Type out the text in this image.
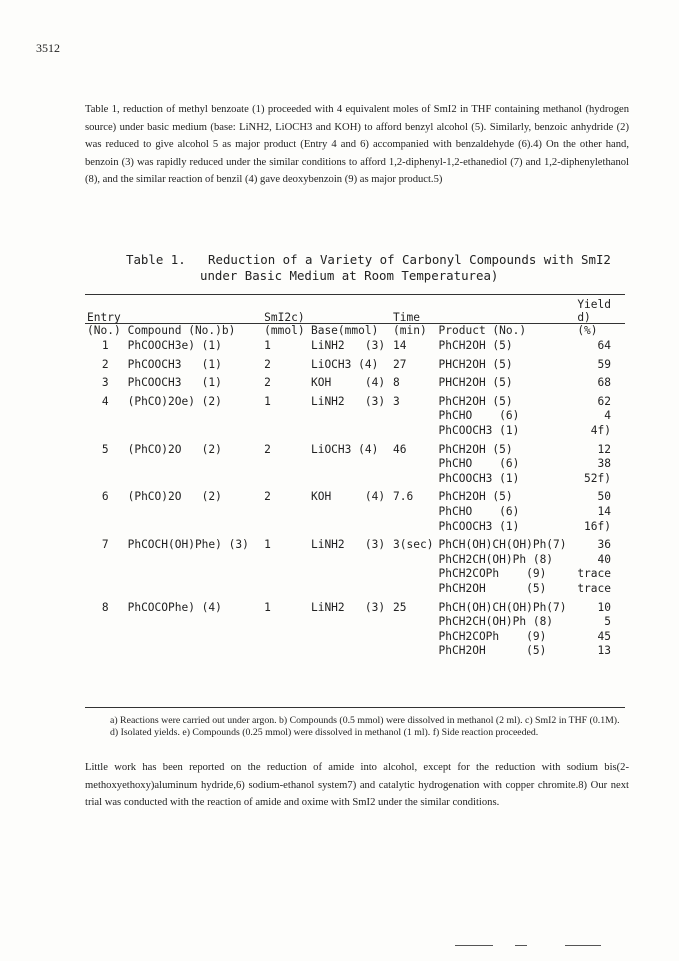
3512

Table 1, reduction of methyl benzoate (1) proceeded with 4 equivalent moles of SmI2 in THF containing methanol (hydrogen source) under basic medium (base: LiNH2, LiOCH3 and KOH) to afford benzyl alcohol (5). Similarly, benzoic anhydride (2) was reduced to give alcohol 5 as major product (Entry 4 and 6) accompanied with benzaldehyde (6).4) On the other hand, benzoin (3) was rapidly reduced under the similar conditions to afford 1,2-diphenyl-1,2-ethanediol (7) and 1,2-diphenylethanol (8), and the similar reaction of benzil (4) gave deoxybenzoin (9) as major product.5)

Table 1.   Reduction of a Variety of Carbonyl Compounds with SmI2
under Basic Medium at Room Temperaturea)
Entry (No.)	Compound (No.)b)	SmI2c) (mmol)	Base(mmol)	Time (min)	Product (No.)	Yield d) (%)
1	PhCOOCH3e) (1)	1	LiNH2   (3)	14	PhCH2OH (5)	64
2	PhCOOCH3   (1)	2	LiOCH3 (4)	27	PHCH2OH (5)	59
3	PhCOOCH3   (1)	2	KOH     (4)	8	PHCH2OH (5)	68
4	(PhCO)2Oe) (2)	1	LiNH2   (3)	3	PhCH2OH (5)	62
					PhCHO    (6)	4
					PhCOOCH3 (1)	4f)
5	(PhCO)2O   (2)	2	LiOCH3 (4)	46	PhCH2OH (5)	12
					PhCHO    (6)	38
					PhCOOCH3 (1)	52f)
6	(PhCO)2O   (2)	2	KOH     (4)	7.6	PhCH2OH (5)	50
					PhCHO    (6)	14
					PhCOOCH3 (1)	16f)
7	PhCOCH(OH)Phe) (3)	1	LiNH2   (3)	3(sec)	PhCH(OH)CH(OH)Ph(7)	36
					PhCH2CH(OH)Ph (8)	40
					PhCH2COPh    (9)	trace
					PhCH2OH      (5)	trace
8	PhCOCOPhe) (4)	1	LiNH2   (3)	25	PhCH(OH)CH(OH)Ph(7)	10
					PhCH2CH(OH)Ph (8)	5
					PhCH2COPh    (9)	45
					PhCH2OH      (5)	13

a) Reactions were carried out under argon. b) Compounds (0.5 mmol) were dissolved in methanol (2 ml). c) SmI2 in THF (0.1M). d) Isolated yields. e) Compounds (0.25 mmol) were dissolved in methanol (1 ml). f) Side reaction proceeded.

Little work has been reported on the reduction of amide into alcohol, except for the reduction with sodium bis(2-methoxyethoxy)aluminum hydride,6) sodium-ethanol system7) and catalytic hydrogenation with copper chromite.8) Our next trial was conducted with the reaction of amide and oxime with SmI2 under the similar conditions.
